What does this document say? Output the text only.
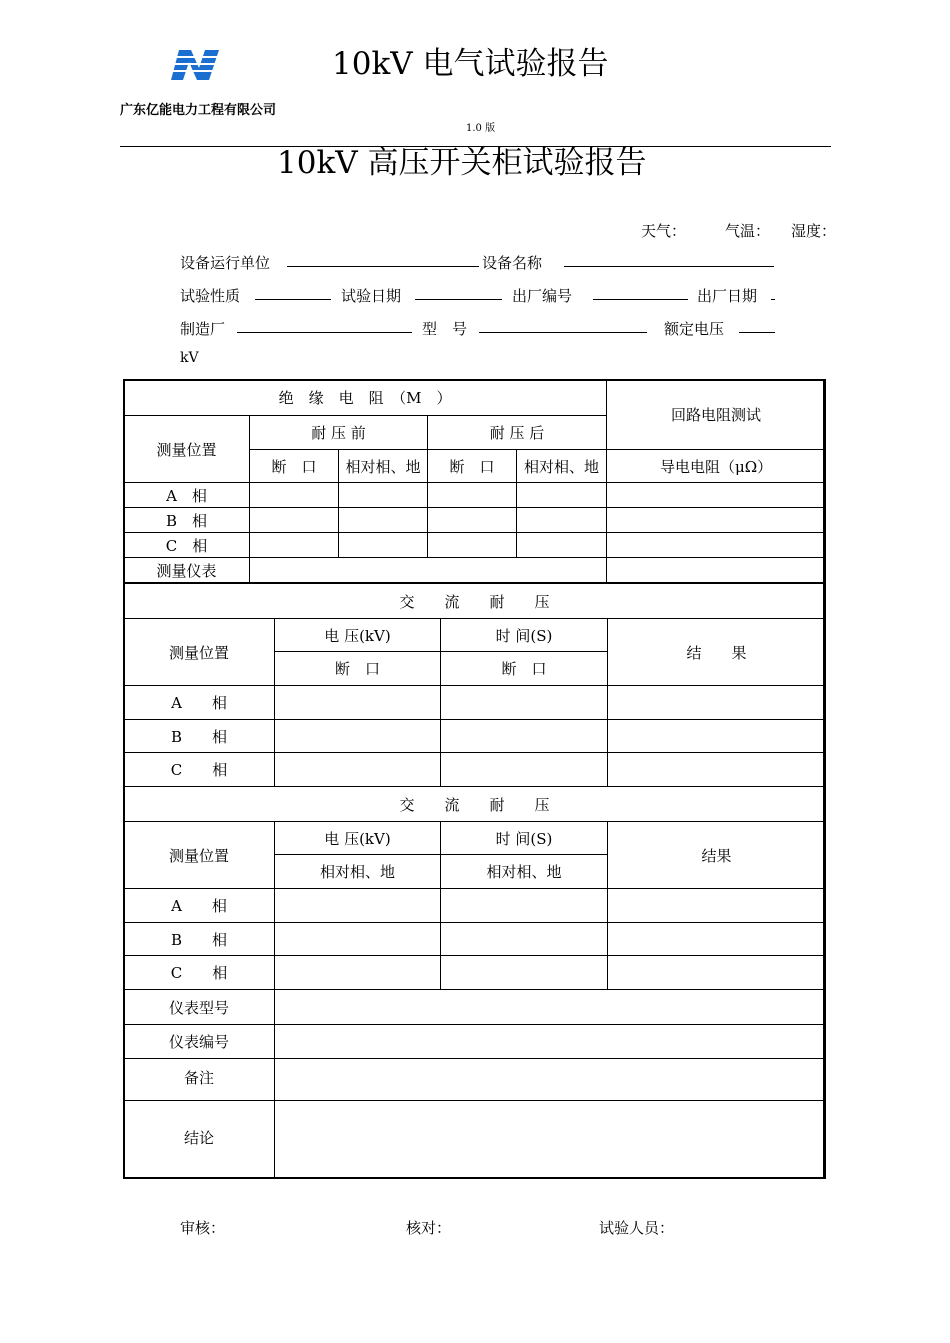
10kV 电气试验报告
广东亿能电力工程有限公司
1.0 版
10kV 高压开关柜试验报告
天气：	气温： 湿度：
设备运行单位	设备名称
试验性质	试验日期	出厂编号	出厂日期
制造厂	型　号	额定电压
kV
绝　缘　电　阻　（M　）					回路电阻测试
测量位置	耐 压 前		耐 压 后		
	断　口	相对相、地	断　口	相对相、地	导电电阻（μΩ）
A　相					
B　相					
C　相					
测量仪表					
交　　流　　耐　　压			
测量位置	电 压(kV)	时 间(S)	结　　果
	断　口	断　口	
A　　相			
B　　相			
C　　相			
交　　流　　耐　　压			
测量位置	电 压(kV)	时 间(S)	结果
	相对相、地	相对相、地	
A　　相			
B　　相			
C　　相			
仪表型号	
仪表编号	
备注	
结论	
审核：	核对：	试验人员：
